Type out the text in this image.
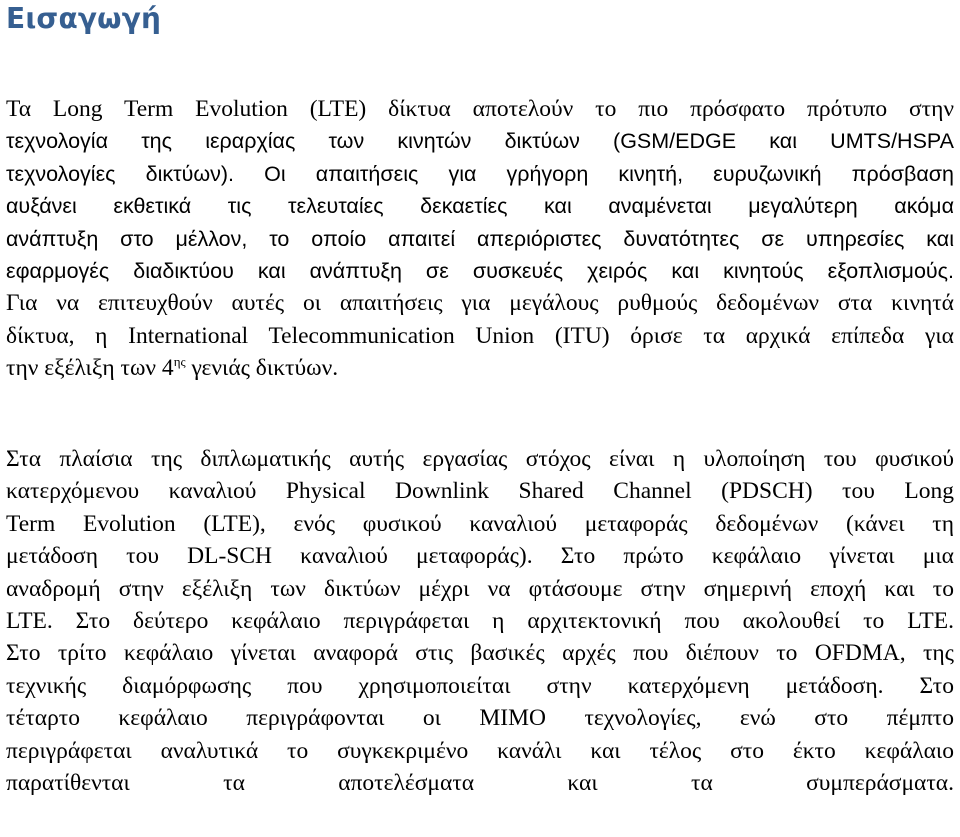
Εισαγωγή
Τα Long Term Evolution (LTE) δίκτυα αποτελούν το πιο πρόσφατο πρότυπο στην
τεχνολογία της ιεραρχίας των κινητών δικτύων (GSM/EDGE και UMTS/HSPA
τεχνολογίες δικτύων). Οι απαιτήσεις για γρήγορη κινητή, ευρυζωνική πρόσβαση
αυξάνει εκθετικά τις τελευταίες δεκαετίες και αναμένεται μεγαλύτερη ακόμα
ανάπτυξη στο μέλλον, το οποίο απαιτεί απεριόριστες δυνατότητες σε υπηρεσίες και
εφαρμογές διαδικτύου και ανάπτυξη σε συσκευές χειρός και κινητούς εξοπλισμούς.
Για να επιτευχθούν αυτές οι απαιτήσεις για μεγάλους ρυθμούς δεδομένων στα κινητά
δίκτυα, η International Telecommunication Union (ITU) όρισε τα αρχικά επίπεδα για
την εξέλιξη των $4^{\eta\varsigma}$ γενιάς δικτύων.
Στα πλαίσια της διπλωματικής αυτής εργασίας στόχος είναι η υλοποίηση του φυσικού
κατερχόμενου καναλιού Physical Downlink Shared Channel (PDSCH) του Long
Term Evolution (LTE), ενός φυσικού καναλιού μεταφοράς δεδομένων (κάνει τη
μετάδοση του DL-SCH καναλιού μεταφοράς). Στο πρώτο κεφάλαιο γίνεται μια
αναδρομή στην εξέλιξη των δικτύων μέχρι να φτάσουμε στην σημερινή εποχή και το
LTE. Στο δεύτερο κεφάλαιο περιγράφεται η αρχιτεκτονική που ακολουθεί το LTE.
Στο τρίτο κεφάλαιο γίνεται αναφορά στις βασικές αρχές που διέπουν το OFDMA, της
τεχνικής διαμόρφωσης που χρησιμοποιείται στην κατερχόμενη μετάδοση. Στο
τέταρτο κεφάλαιο περιγράφονται οι MIMO τεχνολογίες, ενώ στο πέμπτο
περιγράφεται αναλυτικά το συγκεκριμένο κανάλι και τέλος στο έκτο κεφάλαιο
παρατίθενται τα αποτελέσματα και τα συμπεράσματα.
